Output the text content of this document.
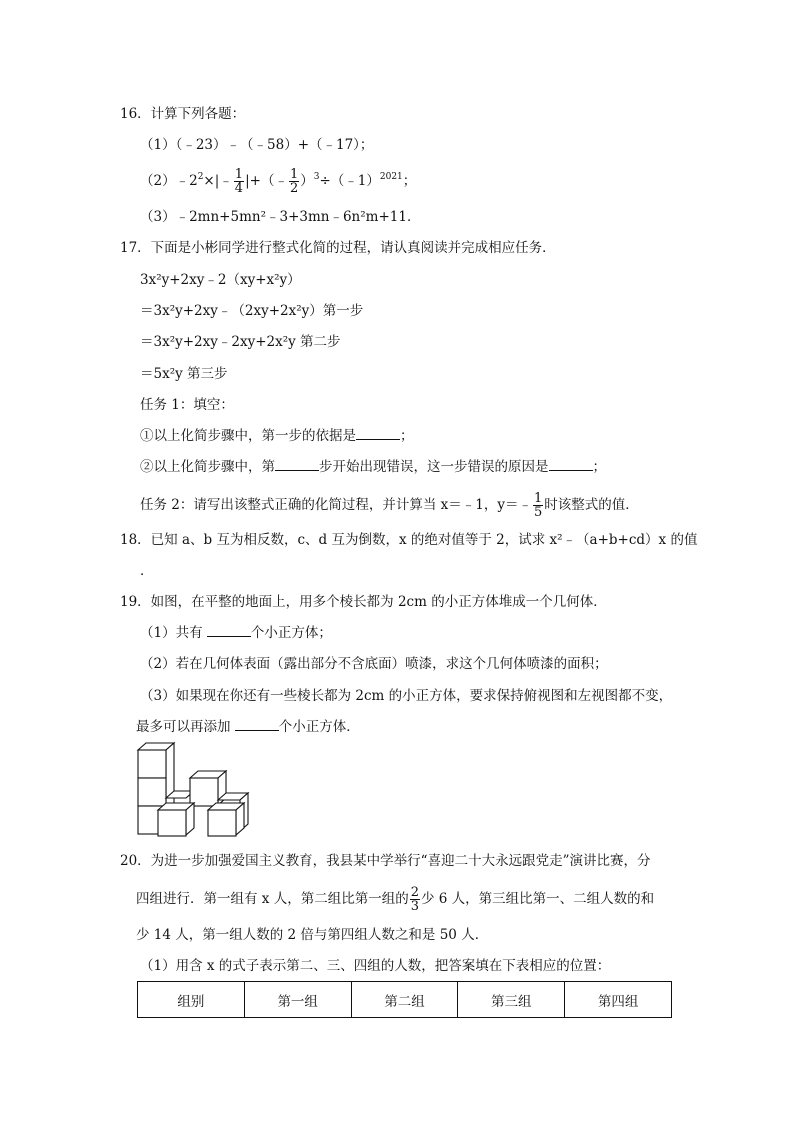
16．计算下列各题：
（1）（﹣23）﹣（﹣58）+（﹣17）；
$(2)﹣2^2\times|﹣ \frac{1}{4}$ |+（﹣ $\frac{1}{2}$ ）$^3$÷（﹣1）$^{2021}$；
（3）﹣2mn+5mn²﹣3+3mn﹣6n²m+11．
17．下面是小彬同学进行整式化简的过程，请认真阅读并完成相应任务．
3x²y+2xy﹣2（xy+x²y）
＝3x²y+2xy﹣（2xy+2x²y）第一步
＝3x²y+2xy﹣2xy+2x²y 第二步
＝5x²y 第三步
任务 1：填空：
①以上化简步骤中，第一步的依据是	；
②以上化简步骤中，第	步开始出现错误，这一步错误的原因是	；
任务 2：请写出该整式正确的化简过程，并计算当 x＝﹣1，y＝﹣ $\frac{1}{5}$ 时该整式的值．
18．已知 a、b 互为相反数，c、d 互为倒数，x 的绝对值等于 2，试求 x²﹣（a+b+cd）x 的值
．
19．如图，在平整的地面上，用多个棱长都为 2cm 的小正方体堆成一个几何体．
（1）共有	个小正方体；
（2）若在几何体表面（露出部分不含底面）喷漆，求这个几何体喷漆的面积；
（3）如果现在你还有一些棱长都为 2cm 的小正方体，要求保持俯视图和左视图都不变，
最多可以再添加	个小正方体．
20．为进一步加强爱国主义教育，我县某中学举行“喜迎二十大永远跟党走”演讲比赛，分
四组进行．第一组有 x 人，第二组比第一组的 $\frac{2}{3}$ 少 6 人，第三组比第一、二组人数的和
少 14 人，第一组人数的 2 倍与第四组人数之和是 50 人．
（1）用含 x 的式子表示第二、三、四组的人数，把答案填在下表相应的位置：
组别	第一组	第二组	第三组	第四组
